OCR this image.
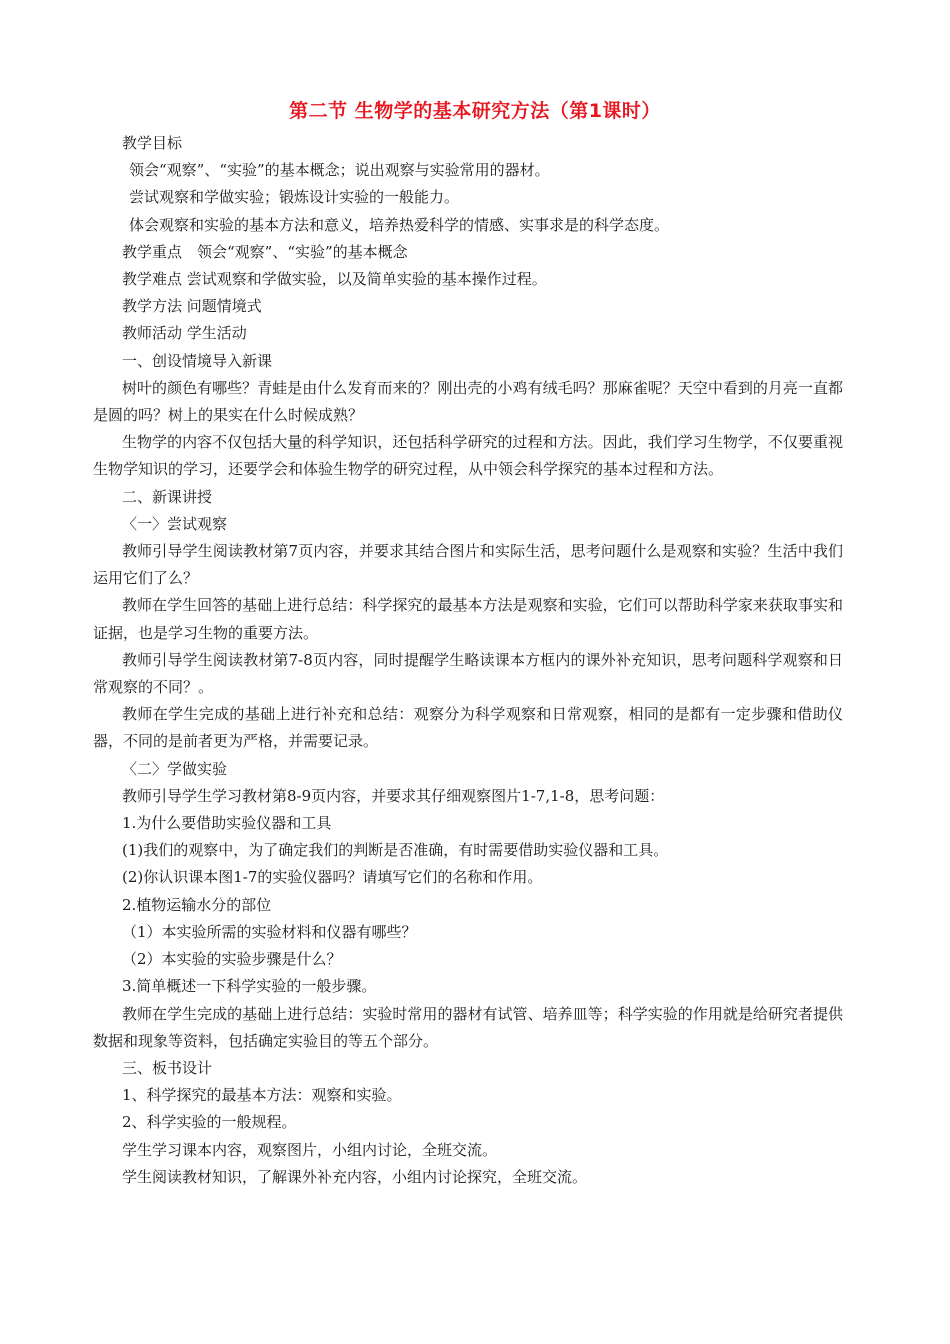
第二节 生物学的基本研究方法（第1课时）
教学目标
领会“观察”、“实验”的基本概念；说出观察与实验常用的器材。
尝试观察和学做实验；锻炼设计实验的一般能力。
体会观察和实验的基本方法和意义，培养热爱科学的情感、实事求是的科学态度。
教学重点　领会“观察”、“实验”的基本概念
教学难点 尝试观察和学做实验，以及简单实验的基本操作过程。
教学方法 问题情境式
教师活动 学生活动
一、创设情境导入新课
树叶的颜色有哪些？青蛙是由什么发育而来的？刚出壳的小鸡有绒毛吗？那麻雀呢？天空中看到的月亮一直都是圆的吗？树上的果实在什么时候成熟？
生物学的内容不仅包括大量的科学知识，还包括科学研究的过程和方法。因此，我们学习生物学，不仅要重视生物学知识的学习，还要学会和体验生物学的研究过程，从中领会科学探究的基本过程和方法。
二、新课讲授
〈一〉尝试观察
教师引导学生阅读教材第7页内容，并要求其结合图片和实际生活，思考问题什么是观察和实验？生活中我们运用它们了么？
教师在学生回答的基础上进行总结：科学探究的最基本方法是观察和实验，它们可以帮助科学家来获取事实和证据，也是学习生物的重要方法。
教师引导学生阅读教材第7-8页内容，同时提醒学生略读课本方框内的课外补充知识，思考问题科学观察和日常观察的不同？。
教师在学生完成的基础上进行补充和总结：观察分为科学观察和日常观察，相同的是都有一定步骤和借助仪器，不同的是前者更为严格，并需要记录。
〈二〉学做实验
教师引导学生学习教材第8-9页内容，并要求其仔细观察图片1-7,1-8，思考问题：
1.为什么要借助实验仪器和工具
(1)我们的观察中，为了确定我们的判断是否准确，有时需要借助实验仪器和工具。
(2)你认识课本图1-7的实验仪器吗？请填写它们的名称和作用。
2.植物运输水分的部位
（1）本实验所需的实验材料和仪器有哪些？
（2）本实验的实验步骤是什么？
3.简单概述一下科学实验的一般步骤。
教师在学生完成的基础上进行总结：实验时常用的器材有试管、培养皿等；科学实验的作用就是给研究者提供数据和现象等资料，包括确定实验目的等五个部分。
三、板书设计
1、科学探究的最基本方法：观察和实验。
2、科学实验的一般规程。
学生学习课本内容，观察图片，小组内讨论，全班交流。
学生阅读教材知识，了解课外补充内容，小组内讨论探究，全班交流。
